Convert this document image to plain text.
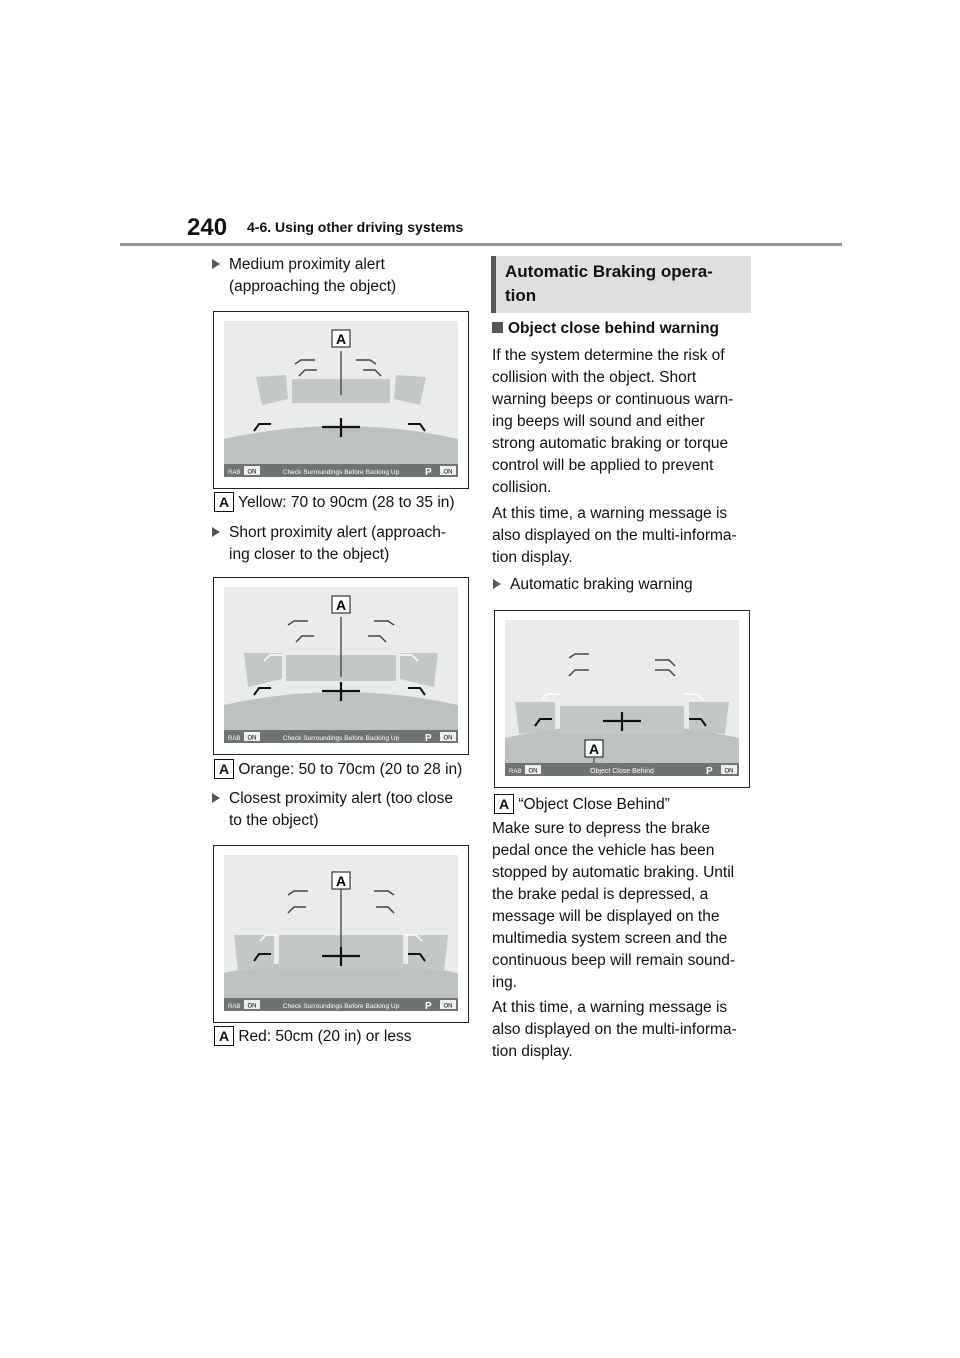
240 4-6. Using other driving systems
Medium proximity alert
(approaching the object)
A
RAB ON	Check Surroundings Before Backing Up	P ON
A Yellow: 70 to 90cm (28 to 35 in)
Short proximity alert (approach-
ing closer to the object)
A
RAB ON	Check Surroundings Before Backing Up	P ON
A Orange: 50 to 70cm (20 to 28 in)
Closest proximity alert (too close
to the object)
A
RAB ON	Check Surroundings Before Backing Up	P ON
A Red: 50cm (20 in) or less
Automatic Braking opera-
tion
Object close behind warning
If the system determine the risk of
collision with the object. Short
warning beeps or continuous warn-
ing beeps will sound and either
strong automatic braking or torque
control will be applied to prevent
collision.
At this time, a warning message is
also displayed on the multi-informa-
tion display.
Automatic braking warning
A
RAB ON	Object Close Behind	P ON
A “Object Close Behind”
Make sure to depress the brake
pedal once the vehicle has been
stopped by automatic braking. Until
the brake pedal is depressed, a
message will be displayed on the
multimedia system screen and the
continuous beep will remain sound-
ing.
At this time, a warning message is
also displayed on the multi-informa-
tion display.
